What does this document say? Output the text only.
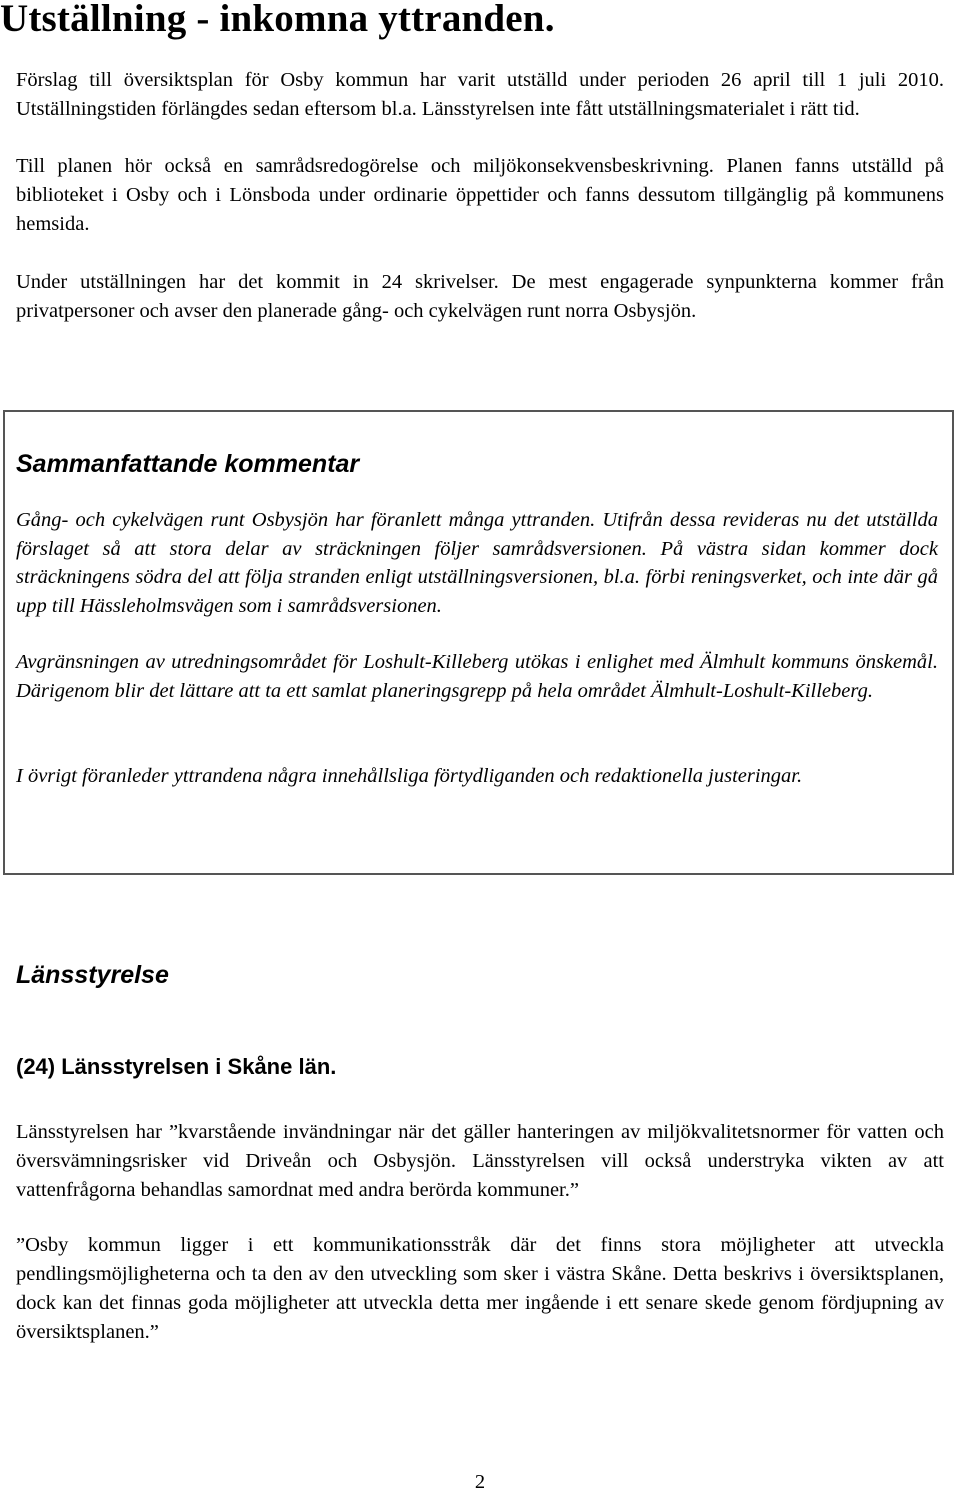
Utställning - inkomna yttranden.

Förslag till översiktsplan för Osby kommun har varit utställd under perioden 26 april till 1 juli 2010. Utställningstiden förlängdes sedan eftersom bl.a. Länsstyrelsen inte fått utställningsmaterialet i rätt tid.

Till planen hör också en samrådsredogörelse och miljökonsekvensbeskrivning. Planen fanns utställd på biblioteket i Osby och i Lönsboda under ordinarie öppettider och fanns dessutom tillgänglig på kommunens hemsida.

Under utställningen har det kommit in 24 skrivelser. De mest engagerade synpunkterna kommer från privatpersoner och avser den planerade gång- och cykelvägen runt norra Osbysjön.

Sammanfattande kommentar

Gång- och cykelvägen runt Osbysjön har föranlett många yttranden. Utifrån dessa revideras nu det utställda förslaget så att stora delar av sträckningen följer samrådsversionen. På västra sidan kommer dock sträckningens södra del att följa stranden enligt utställningsversionen, bl.a. förbi reningsverket, och inte där gå upp till Hässleholmsvägen som i samrådsversionen.

Avgränsningen av utredningsområdet för Loshult-Killeberg utökas i enlighet med Älmhult kommuns önskemål. Därigenom blir det lättare att ta ett samlat planeringsgrepp på hela området Älmhult-Loshult-Killeberg.

I övrigt föranleder yttrandena några innehållsliga förtydliganden och redaktionella justeringar.

Länsstyrelse
(24) Länsstyrelsen i Skåne län.

Länsstyrelsen har ”kvarstående invändningar när det gäller hanteringen av miljökvalitetsnormer för vatten och översvämningsrisker vid Driveån och Osbysjön. Länsstyrelsen vill också understryka vikten av att vattenfrågorna behandlas samordnat med andra berörda kommuner.”

”Osby kommun ligger i ett kommunikationsstråk där det finns stora möjligheter att utveckla pendlingsmöjligheterna och ta den av den utveckling som sker i västra Skåne. Detta beskrivs i översiktsplanen, dock kan det finnas goda möjligheter att utveckla detta mer ingående i ett senare skede genom fördjupning av översiktsplanen.”

2
